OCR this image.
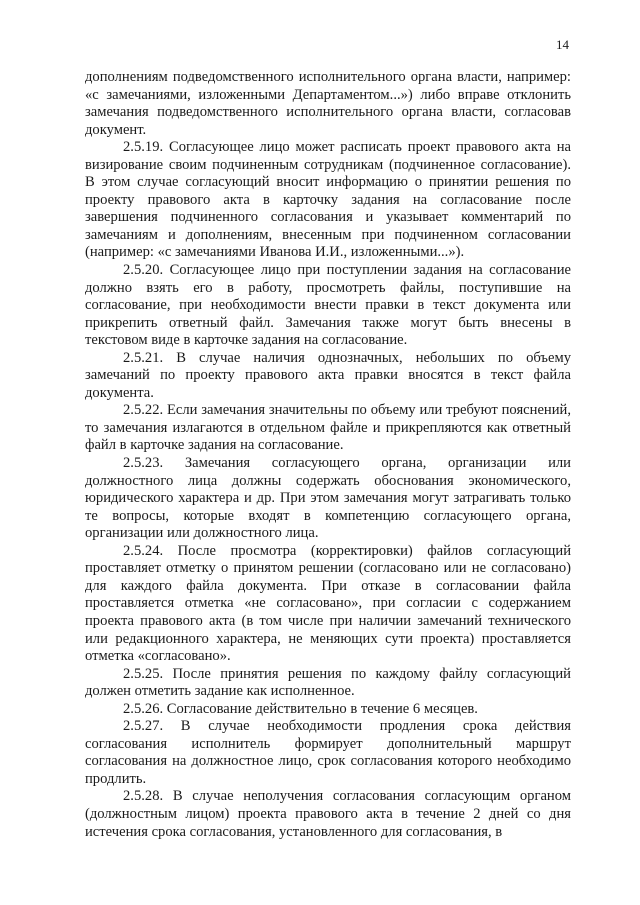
14

дополнениям подведомственного исполнительного органа власти, например: «с замечаниями, изложенными Департаментом...») либо вправе отклонить замечания подведомственного исполнительного органа власти, согласовав документ.

2.5.19. Согласующее лицо может расписать проект правового акта на визирование своим подчиненным сотрудникам (подчиненное согласование). В этом случае согласующий вносит информацию о принятии решения по проекту правового акта в карточку задания на согласование после завершения подчиненного согласования и указывает комментарий по замечаниям и дополнениям, внесенным при подчиненном согласовании (например: «с замечаниями Иванова И.И., изложенными...»).

2.5.20. Согласующее лицо при поступлении задания на согласование должно взять его в работу, просмотреть файлы, поступившие на согласование, при необходимости внести правки в текст документа или прикрепить ответный файл. Замечания также могут быть внесены в текстовом виде в карточке задания на согласование.

2.5.21. В случае наличия однозначных, небольших по объему замечаний по проекту правового акта правки вносятся в текст файла документа.

2.5.22. Если замечания значительны по объему или требуют пояснений, то замечания излагаются в отдельном файле и прикрепляются как ответный файл в карточке задания на согласование.

2.5.23. Замечания согласующего органа, организации или должностного лица должны содержать обоснования экономического, юридического характера и др. При этом замечания могут затрагивать только те вопросы, которые входят в компетенцию согласующего органа, организации или должностного лица.

2.5.24. После просмотра (корректировки) файлов согласующий проставляет отметку о принятом решении (согласовано или не согласовано) для каждого файла документа. При отказе в согласовании файла проставляется отметка «не согласовано», при согласии с содержанием проекта правового акта (в том числе при наличии замечаний технического или редакционного характера, не меняющих сути проекта) проставляется отметка «согласовано».

2.5.25. После принятия решения по каждому файлу согласующий должен отметить задание как исполненное.

2.5.26. Согласование действительно в течение 6 месяцев.

2.5.27. В случае необходимости продления срока действия согласования исполнитель формирует дополнительный маршрут согласования на должностное лицо, срок согласования которого необходимо продлить.

2.5.28. В случае неполучения согласования согласующим органом (должностным лицом) проекта правового акта в течение 2 дней со дня истечения срока согласования, установленного для согласования, в
